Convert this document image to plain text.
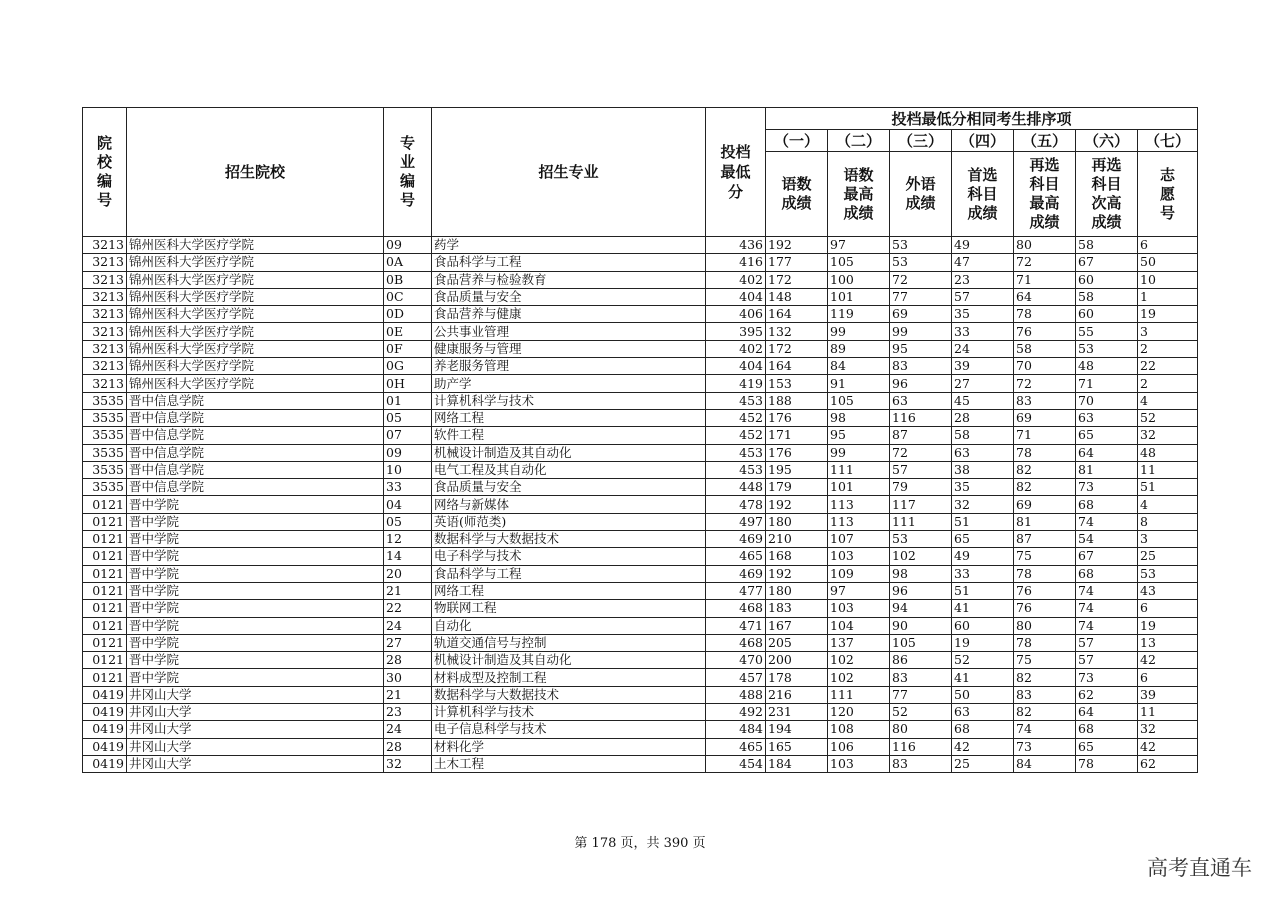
院校编号	招生院校	专业编号	招生专业	投档最低分	投档最低分相同考生排序项						
					（一）	（二）	（三）	（四）	（五）	（六）	（七）
					语数成绩	语数最高成绩	外语成绩	首选科目成绩	再选科目最高成绩	再选科目次高成绩	志愿号
3213	锦州医科大学医疗学院	09	药学	436	192	97	53	49	80	58	6
3213	锦州医科大学医疗学院	0A	食品科学与工程	416	177	105	53	47	72	67	50
3213	锦州医科大学医疗学院	0B	食品营养与检验教育	402	172	100	72	23	71	60	10
3213	锦州医科大学医疗学院	0C	食品质量与安全	404	148	101	77	57	64	58	1
3213	锦州医科大学医疗学院	0D	食品营养与健康	406	164	119	69	35	78	60	19
3213	锦州医科大学医疗学院	0E	公共事业管理	395	132	99	99	33	76	55	3
3213	锦州医科大学医疗学院	0F	健康服务与管理	402	172	89	95	24	58	53	2
3213	锦州医科大学医疗学院	0G	养老服务管理	404	164	84	83	39	70	48	22
3213	锦州医科大学医疗学院	0H	助产学	419	153	91	96	27	72	71	2
3535	晋中信息学院	01	计算机科学与技术	453	188	105	63	45	83	70	4
3535	晋中信息学院	05	网络工程	452	176	98	116	28	69	63	52
3535	晋中信息学院	07	软件工程	452	171	95	87	58	71	65	32
3535	晋中信息学院	09	机械设计制造及其自动化	453	176	99	72	63	78	64	48
3535	晋中信息学院	10	电气工程及其自动化	453	195	111	57	38	82	81	11
3535	晋中信息学院	33	食品质量与安全	448	179	101	79	35	82	73	51
0121	晋中学院	04	网络与新媒体	478	192	113	117	32	69	68	4
0121	晋中学院	05	英语(师范类)	497	180	113	111	51	81	74	8
0121	晋中学院	12	数据科学与大数据技术	469	210	107	53	65	87	54	3
0121	晋中学院	14	电子科学与技术	465	168	103	102	49	75	67	25
0121	晋中学院	20	食品科学与工程	469	192	109	98	33	78	68	53
0121	晋中学院	21	网络工程	477	180	97	96	51	76	74	43
0121	晋中学院	22	物联网工程	468	183	103	94	41	76	74	6
0121	晋中学院	24	自动化	471	167	104	90	60	80	74	19
0121	晋中学院	27	轨道交通信号与控制	468	205	137	105	19	78	57	13
0121	晋中学院	28	机械设计制造及其自动化	470	200	102	86	52	75	57	42
0121	晋中学院	30	材料成型及控制工程	457	178	102	83	41	82	73	6
0419	井冈山大学	21	数据科学与大数据技术	488	216	111	77	50	83	62	39
0419	井冈山大学	23	计算机科学与技术	492	231	120	52	63	82	64	11
0419	井冈山大学	24	电子信息科学与技术	484	194	108	80	68	74	68	32
0419	井冈山大学	28	材料化学	465	165	106	116	42	73	65	42
0419	井冈山大学	32	土木工程	454	184	103	83	25	84	78	62
第 178 页，共 390 页
高考直通车
